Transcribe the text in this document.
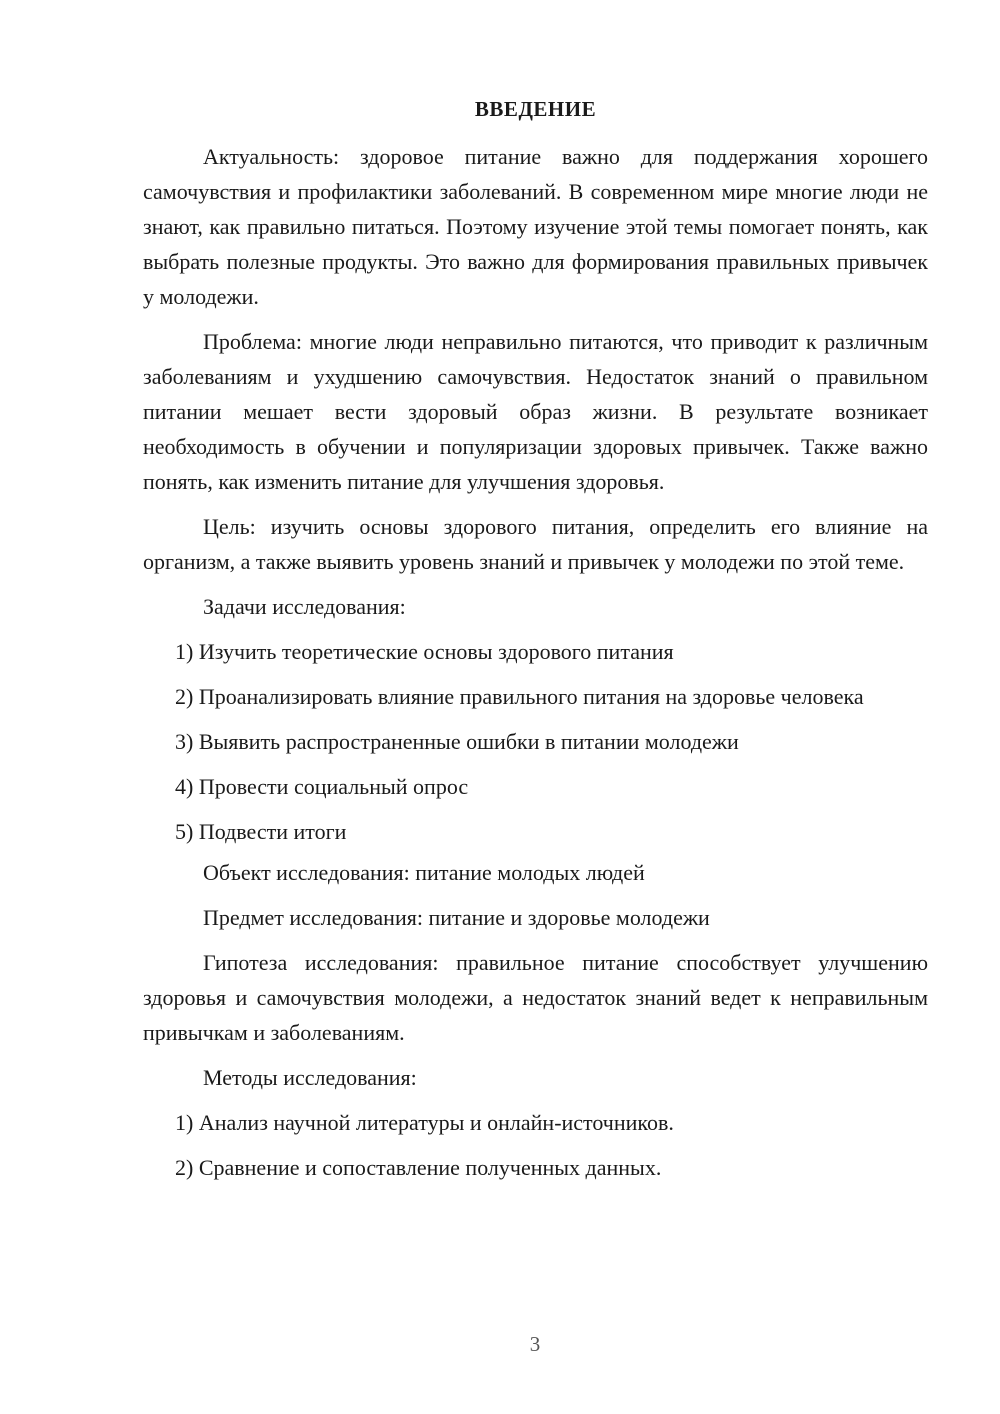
ВВЕДЕНИЕ

Актуальность: здоровое питание важно для поддержания хорошего самочувствия и профилактики заболеваний. В современном мире многие люди не знают, как правильно питаться. Поэтому изучение этой темы помогает понять, как выбрать полезные продукты. Это важно для формирования правильных привычек у молодежи.

Проблема: многие люди неправильно питаются, что приводит к различным заболеваниям и ухудшению самочувствия. Недостаток знаний о правильном питании мешает вести здоровый образ жизни. В результате возникает необходимость в обучении и популяризации здоровых привычек. Также важно понять, как изменить питание для улучшения здоровья.

Цель: изучить основы здорового питания, определить его влияние на организм, а также выявить уровень знаний и привычек у молодежи по этой теме.

Задачи исследования:

1) Изучить теоретические основы здорового питания

2) Проанализировать влияние правильного питания на здоровье человека

3) Выявить распространенные ошибки в питании молодежи

4) Провести социальный опрос

5) Подвести итоги

Объект исследования: питание молодых людей

Предмет исследования: питание и здоровье молодежи

Гипотеза исследования: правильное питание способствует улучшению здоровья и самочувствия молодежи, а недостаток знаний ведет к неправильным привычкам и заболеваниям.

Методы исследования:

1) Анализ научной литературы и онлайн-источников.

2) Сравнение и сопоставление полученных данных.

3
